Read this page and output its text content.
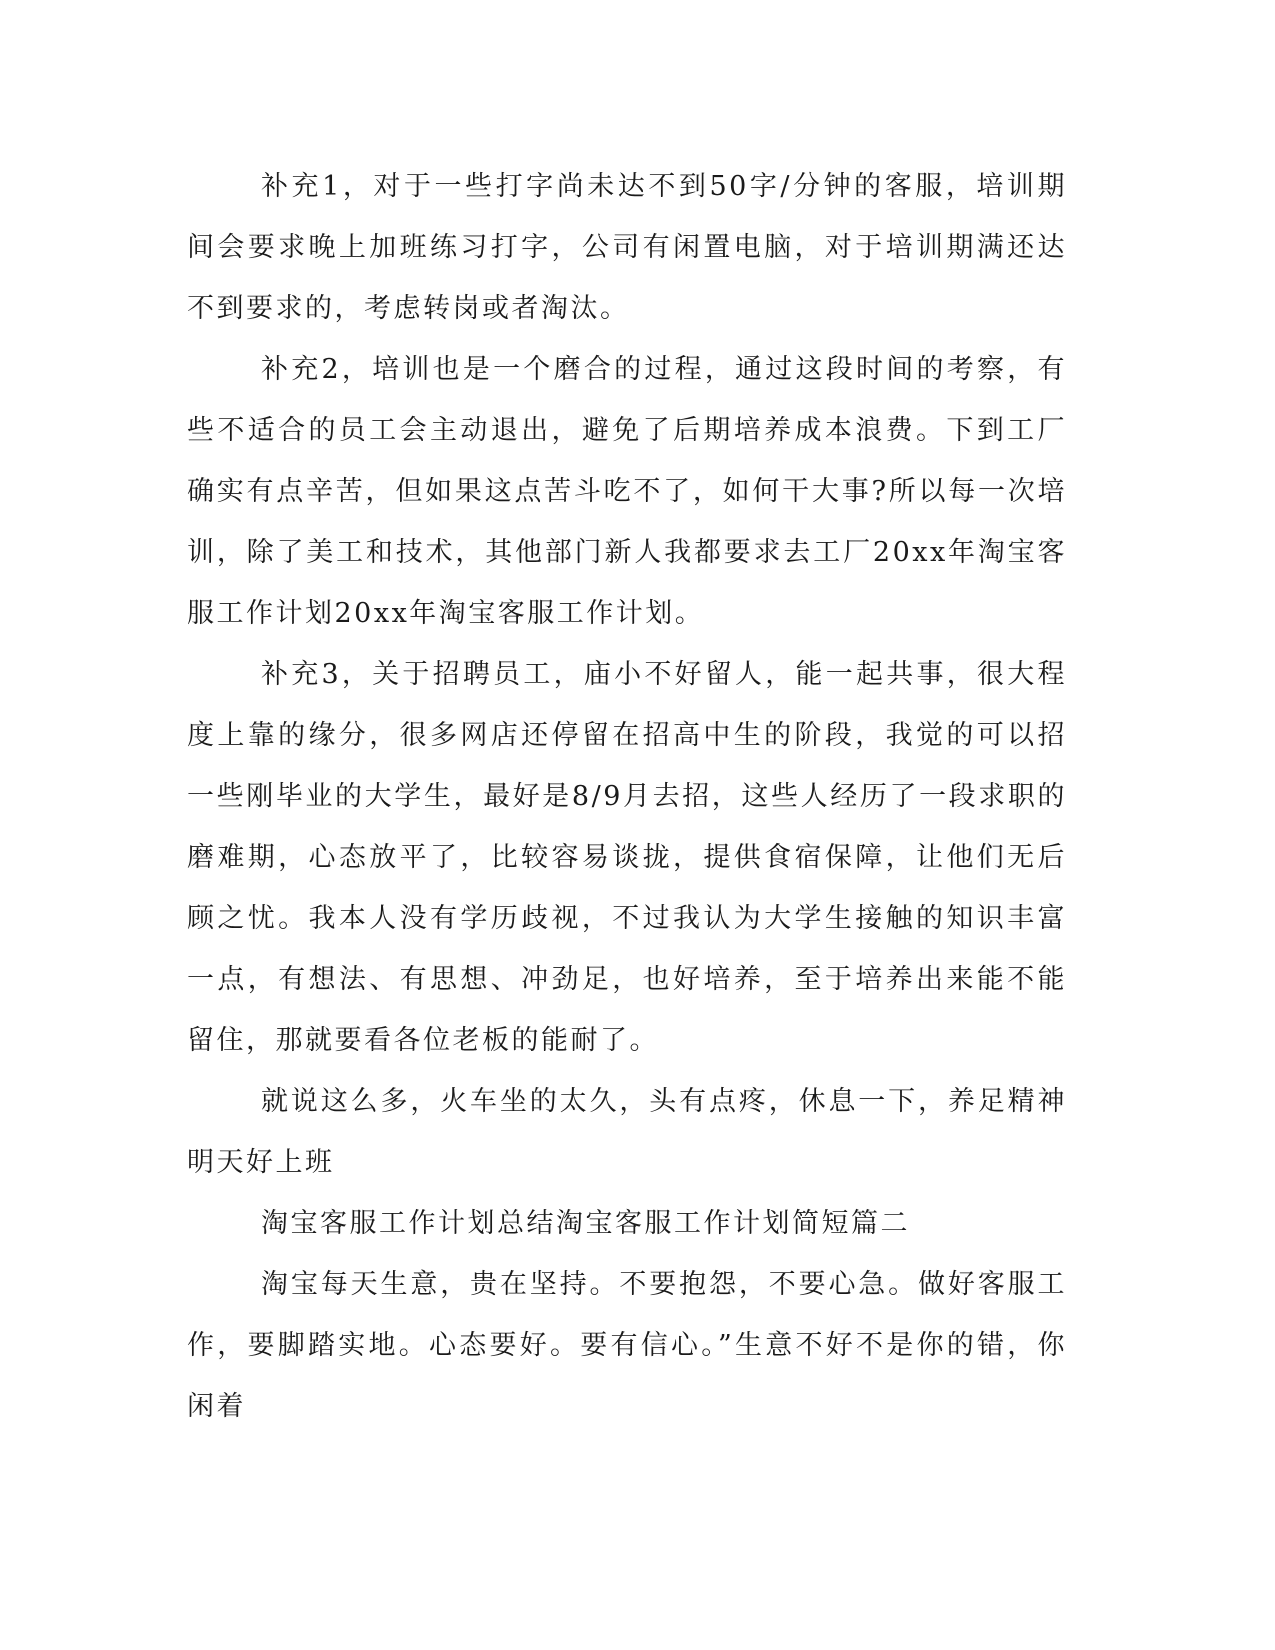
补充1，对于一些打字尚未达不到50字/分钟的客服，培训期间会要求晚上加班练习打字，公司有闲置电脑，对于培训期满还达不到要求的，考虑转岗或者淘汰。

补充2，培训也是一个磨合的过程，通过这段时间的考察，有些不适合的员工会主动退出，避免了后期培养成本浪费。下到工厂确实有点辛苦，但如果这点苦斗吃不了，如何干大事?所以每一次培训，除了美工和技术，其他部门新人我都要求去工厂20xx年淘宝客服工作计划20xx年淘宝客服工作计划。

补充3，关于招聘员工，庙小不好留人，能一起共事，很大程度上靠的缘分，很多网店还停留在招高中生的阶段，我觉的可以招一些刚毕业的大学生，最好是8/9月去招，这些人经历了一段求职的磨难期，心态放平了，比较容易谈拢，提供食宿保障，让他们无后顾之忧。我本人没有学历歧视，不过我认为大学生接触的知识丰富一点，有想法、有思想、冲劲足，也好培养，至于培养出来能不能留住，那就要看各位老板的能耐了。

就说这么多，火车坐的太久，头有点疼，休息一下，养足精神明天好上班

淘宝客服工作计划总结淘宝客服工作计划简短篇二

淘宝每天生意，贵在坚持。不要抱怨，不要心急。做好客服工作，要脚踏实地。心态要好。要有信心。”生意不好不是你的错，你闲着
